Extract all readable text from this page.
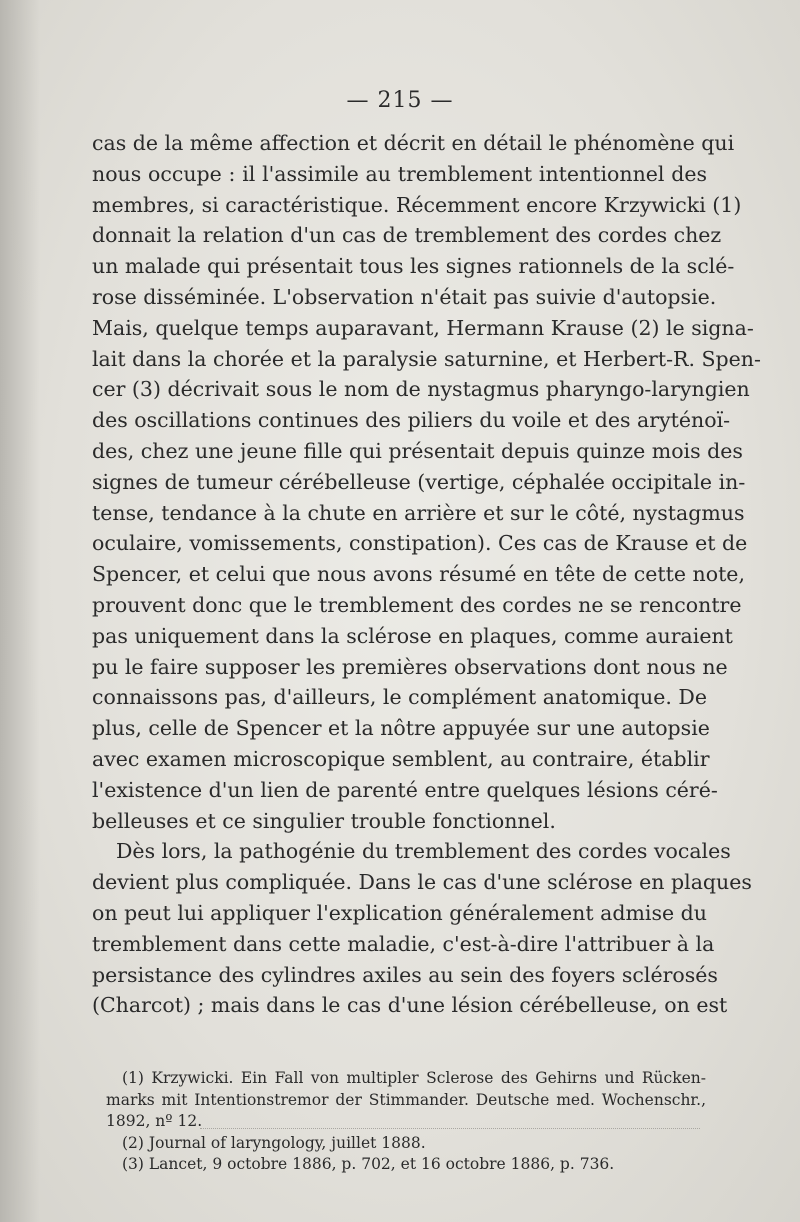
— 215 —
cas de la même affection et décrit en détail le phénomène qui
nous occupe : il l'assimile au tremblement intentionnel des
membres, si caractéristique. Récemment encore Krzywicki (1)
donnait la relation d'un cas de tremblement des cordes chez
un malade qui présentait tous les signes rationnels de la sclé-
rose disséminée. L'observation n'était pas suivie d'autopsie.
Mais, quelque temps auparavant, Hermann Krause (2) le signa-
lait dans la chorée et la paralysie saturnine, et Herbert-R. Spen-
cer (3) décrivait sous le nom de nystagmus pharyngo-laryngien
des oscillations continues des piliers du voile et des aryténoï-
des, chez une jeune fille qui présentait depuis quinze mois des
signes de tumeur cérébelleuse (vertige, céphalée occipitale in-
tense, tendance à la chute en arrière et sur le côté, nystagmus
oculaire, vomissements, constipation). Ces cas de Krause et de
Spencer, et celui que nous avons résumé en tête de cette note,
prouvent donc que le tremblement des cordes ne se rencontre
pas uniquement dans la sclérose en plaques, comme auraient
pu le faire supposer les premières observations dont nous ne
connaissons pas, d'ailleurs, le complément anatomique. De
plus, celle de Spencer et la nôtre appuyée sur une autopsie
avec examen microscopique semblent, au contraire, établir
l'existence d'un lien de parenté entre quelques lésions céré-
belleuses et ce singulier trouble fonctionnel.
Dès lors, la pathogénie du tremblement des cordes vocales
devient plus compliquée. Dans le cas d'une sclérose en plaques
on peut lui appliquer l'explication généralement admise du
tremblement dans cette maladie, c'est-à-dire l'attribuer à la
persistance des cylindres axiles au sein des foyers sclérosés
(Charcot) ; mais dans le cas d'une lésion cérébelleuse, on est
(1) Krzywicki. Ein Fall von multipler Sclerose des Gehirns und Rücken-
marks mit Intentionstremor der Stimmander. Deutsche med. Wochenschr.,
1892, nº 12.
(2) Journal of laryngology, juillet 1888.
(3) Lancet, 9 octobre 1886, p. 702, et 16 octobre 1886, p. 736.
